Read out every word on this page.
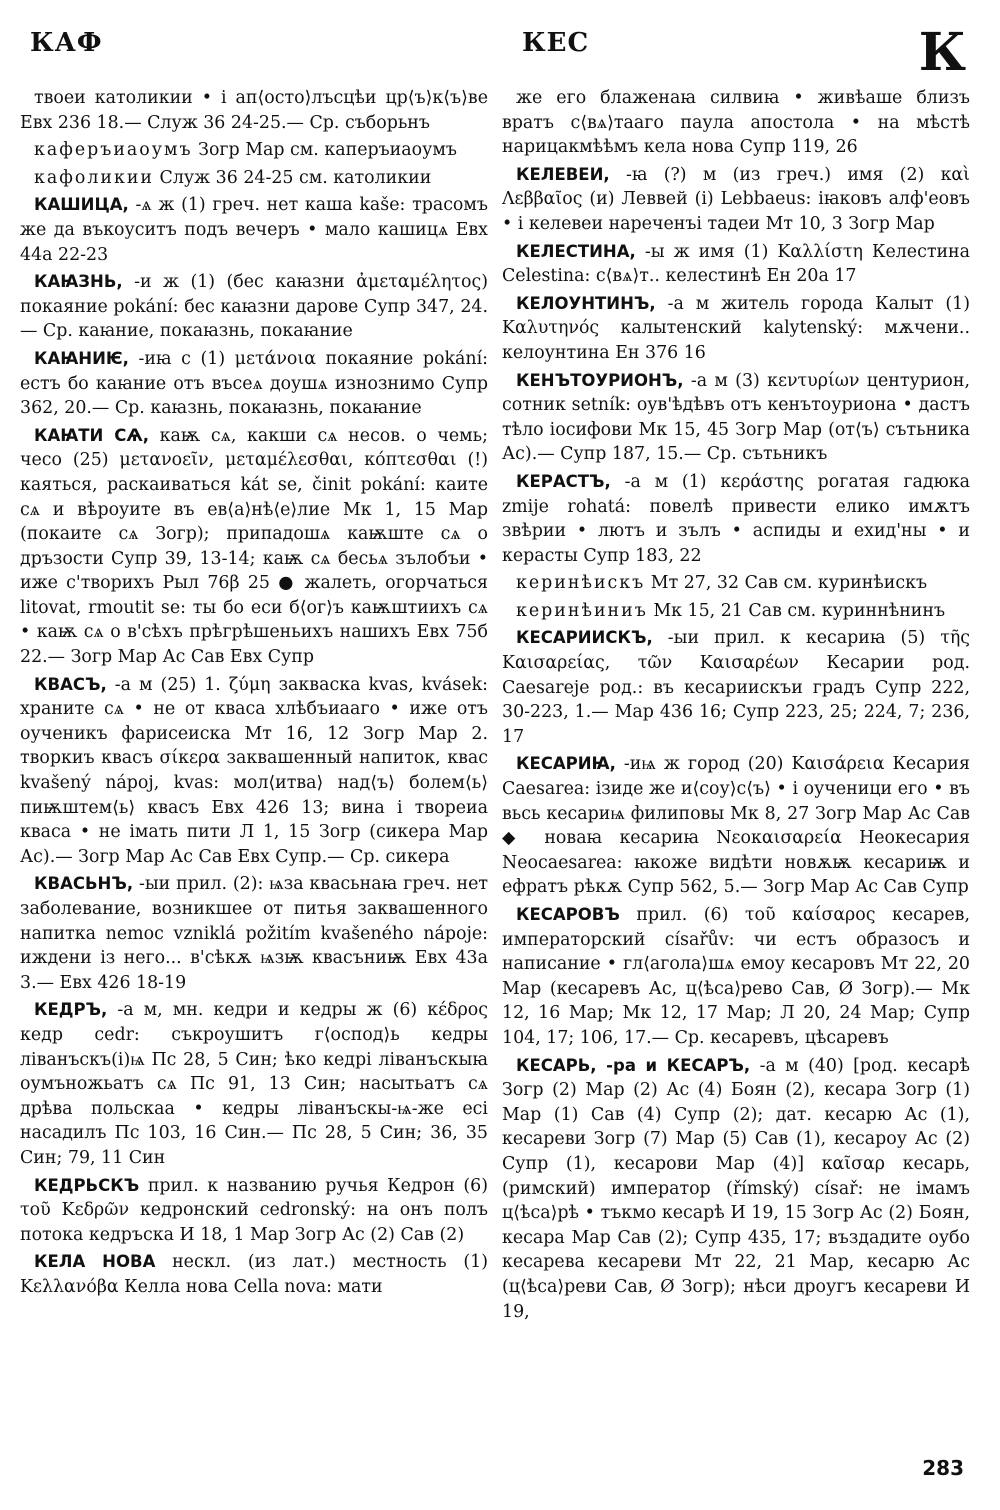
КАФ	КЕС	К

твоеи католикии • і ап⟨осто⟩лъсцѣи цр⟨ъ⟩к⟨ъ⟩ве Евх 236 18.— Служ 36 24-25.— Ср. съборьнъ

каферъиаоумъ Зогр Мар см. каперъиаоумъ

кафоликии Служ 36 24-25 см. католикии

КАШИЦА, -ѧ ж (1) греч. нет каша kaše: трасомъ же да въкоуситъ подъ вечеръ • мало кашицѧ Евх 44а 22-23

КАꙖЗНЬ, -и ж (1) (бес каꙗзни ἀμεταμέλητος) покаяние pokání: бес каꙗзни дарове Супр 347, 24.— Ср. каꙗние, покаꙗзнь, покаꙗние

КАꙖНИѤ, -иꙗ с (1) μετάνοια покаяние pokání: естъ бо каꙗние отъ въсеѧ доушѧ изнознимо Супр 362, 20.— Ср. каꙗзнь, покаꙗзнь, покаꙗние

КАꙖТИ СѦ, каѭ сѧ, какши сѧ несов. о чемь; чесо (25) μετανοεῖν, μεταμέλεσθαι, κόπτεσθαι (!) каяться, раскаиваться kát se, činit pokání: каите сѧ и вѣроуите въ ев⟨а⟩нѣ⟨е⟩лие Мк 1, 15 Мар (покаите сѧ Зогр); припадошѧ каѭште сѧ о дръзости Супр 39, 13-14; каѭ сѧ бесьѧ зълобъи • иже с'творихъ Рыл 76β 25 ● жалеть, огорчаться litovat, rmoutit se: ты бо еси б⟨ог⟩ъ каѭштиихъ сѧ • каѭ сѧ о в'сѣхъ прѣгрѣшеньихъ нашихъ Евх 75б 22.— Зогр Мар Ас Сав Евх Супр

КВАСЪ, -а м (25) 1. ζύμη закваска kvas, kvásek: храните сѧ • не от кваса хлѣбъиааго • иже отъ оученикъ фарисеиска Мт 16, 12 Зогр Мар 2. творкиъ квасъ σίκερα заквашенный напиток, квас kvašený nápoj, kvas: мол⟨итва⟩ над⟨ъ⟩ болем⟨ь⟩ пиѭштем⟨ь⟩ квасъ Евх 426 13; вина і твореиа кваса • не імать пити Л 1, 15 Зогр (сикера Мар Ас).— Зогр Мар Ас Сав Евх Супр.— Ср. сикера

КВАСЬНЪ, -ыи прил. (2): ѩза квасьнаꙗ греч. нет заболевание, возникшее от питья заквашенного напитка nemoc vzniklá požitím kvašeného nápoje: иждени із него... в'сѣкѫ ѩзѭ квасъниѭ Евх 43а 3.— Евх 426 18-19

КЕДРЪ, -а м, мн. кедри и кедры ж (6) κέδρος кедр cedr: съкроушитъ г⟨оспод⟩ь кедры ліванъскъ(і)ѩ Пс 28, 5 Син; ѣко кедрі ліванъскыꙗ оумъножьатъ сѧ Пс 91, 13 Син; насытьатъ сѧ дрѣва польскаа • кедры ліванъскы-ѩ-же есі насадилъ Пс 103, 16 Син.— Пс 28, 5 Син; 36, 35 Син; 79, 11 Син

КЕДРЬСКЪ прил. к названию ручья Кедрон (6) τοῦ Κεδρῶν кедронский cedronský: на онъ полъ потока кедръска И 18, 1 Мар Зогр Ас (2) Сав (2)

КЕЛА НОВА нескл. (из лат.) местность (1) Κελλανόβα Келла нова Cella nova: мати

же его блаженаꙗ силвиꙗ • живѣаше близъ вратъ с⟨вѧ⟩тааго паула апостола • на мѣстѣ нарицакмѣѣмъ кела нова Супр 119, 26

КЕЛЕВЕИ, -ꙗ (?) м (из греч.) имя (2) καὶ Λεββαῖος (и) Леввей (i) Lebbaeus: іꙗковъ алф'еовъ • і келевеи нареченъі тадеи Мт 10, 3 Зогр Мар

КЕЛЕСТИНА, -ы ж имя (1) Καλλίστη Келестина Celestina: с⟨вѧ⟩т.. келестинѣ Ен 20а 17

КЕЛОУНТИНЪ, -а м житель города Калыт (1) Καλυτηνός калытенский kalytenský: мѫчени.. келоунтина Ен 376 16

КЕНЪТОУРИОНЪ, -а м (3) κεντυρίων центурион, сотник setník: оув'ѣдѣвъ отъ кенътоуриона • дастъ тѣло іосифови Мк 15, 45 Зогр Мар (от⟨ъ⟩ сътьника Ас).— Супр 187, 15.— Ср. сътьникъ

КЕРАСТЪ, -а м (1) κεράστης рогатая гадюка zmije rohatá: повелѣ привести елико имѫтъ звѣрии • лютъ и зълъ • аспиды и ехид'ны • и керасты Супр 183, 22

керинѣискъ Мт 27, 32 Сав см. куринѣискъ

керинѣиниъ Мк 15, 21 Сав см. куриннѣнинъ

КЕСАРИИСКЪ, -ыи прил. к кесариꙗ (5) τῆς Καισαρείας, τῶν Καισαρέων Кесарии род. Caesareje род.: въ кесариискъи градъ Супр 222, 30-223, 1.— Мар 436 16; Супр 223, 25; 224, 7; 236, 17

КЕСАРИꙖ, -иѩ ж город (20) Καισάρεια Кесария Caesarea: ізиде же и⟨соу⟩с⟨ъ⟩ • і оученици его • въ вьсь кесариѩ филиповы Мк 8, 27 Зогр Мар Ас Сав ◆ новаꙗ кесариꙗ Νεοκαισαρεία Неокесария Neocaesarea: ꙗкоже видѣти новѫѭ кесариѭ и ефратъ рѣкѫ Супр 562, 5.— Зогр Мар Ас Сав Супр

КЕСАРОВЪ прил. (6) τοῦ καίσαρος кесарев, императорский císařův: чи естъ образосъ и написание • гл⟨агола⟩шѧ емоу кесаровъ Мт 22, 20 Мар (кесаревъ Ас, ц⟨ѣса⟩рево Сав, Ø Зогр).— Мк 12, 16 Мар; Мк 12, 17 Мар; Л 20, 24 Мар; Супр 104, 17; 106, 17.— Ср. кесаревъ, цѣсаревъ

КЕСАРЬ, -ра и КЕСАРЪ, -а м (40) [род. кесарѣ Зогр (2) Мар (2) Ас (4) Боян (2), кесара Зогр (1) Мар (1) Сав (4) Супр (2); дат. кесарю Ас (1), кесареви Зогр (7) Мар (5) Сав (1), кесароу Ас (2) Супр (1), кесарови Мар (4)] καῖσαρ кесарь, (римский) император (římský) císař: не імамъ ц⟨ѣса⟩рѣ • тъкмо кесарѣ И 19, 15 Зогр Ас (2) Боян, кесара Мар Сав (2); Супр 435, 17; въздадите оубо кесарева кесареви Мт 22, 21 Мар, кесарю Ас (ц⟨ѣса⟩реви Сав, Ø Зогр); нѣси дроугъ кесареви И 19,

283
